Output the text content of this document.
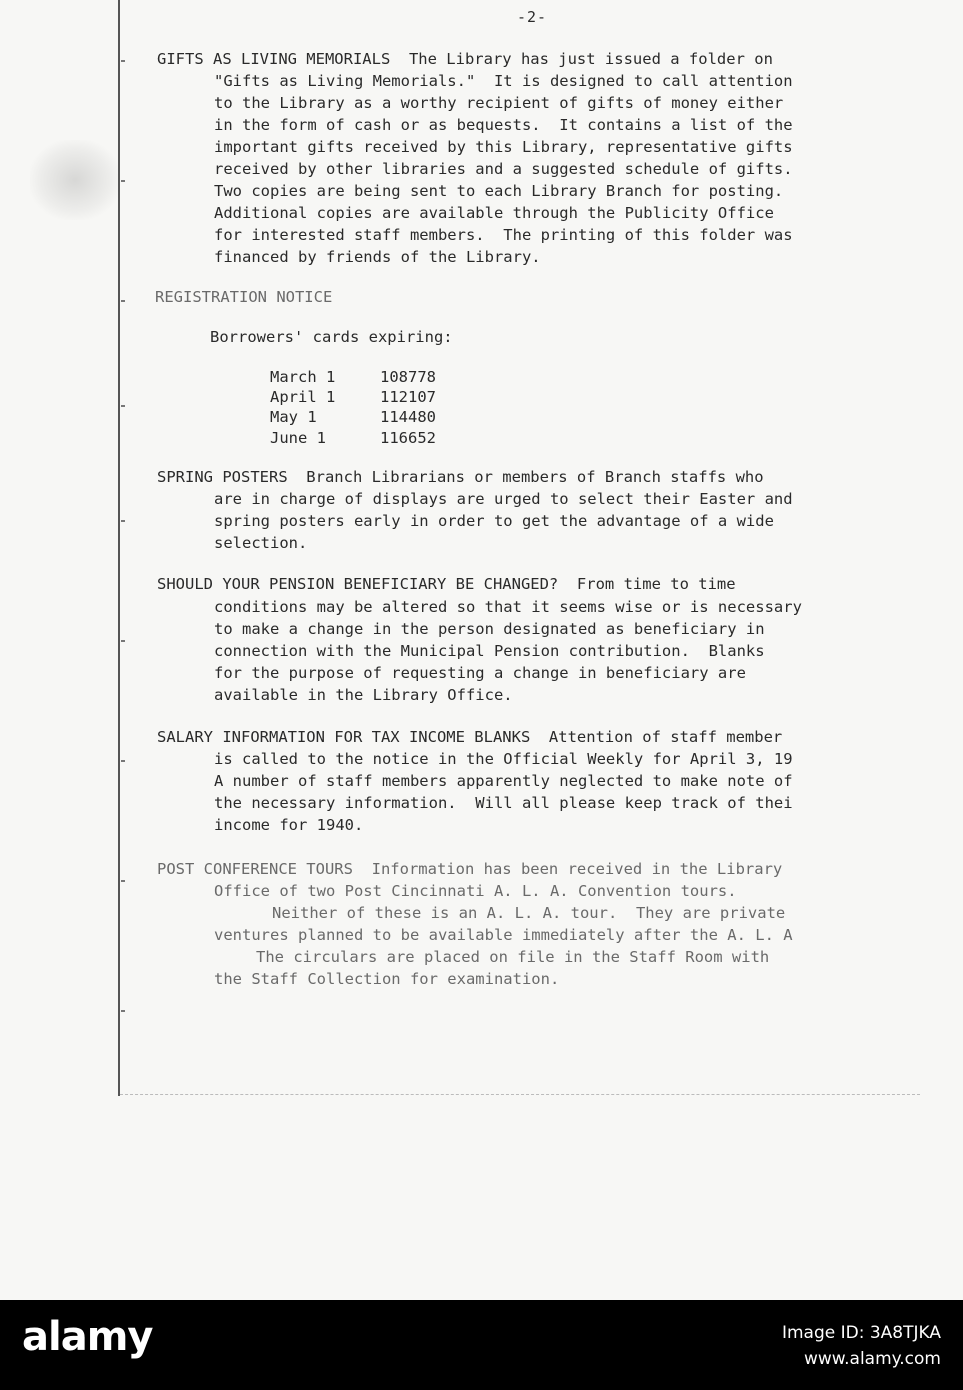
-2-
GIFTS AS LIVING MEMORIALS  The Library has just issued a folder on
"Gifts as Living Memorials."  It is designed to call attention
to the Library as a worthy recipient of gifts of money either
in the form of cash or as bequests.  It contains a list of the
important gifts received by this Library, representative gifts
received by other libraries and a suggested schedule of gifts.
Two copies are being sent to each Library Branch for posting.
Additional copies are available through the Publicity Office
for interested staff members.  The printing of this folder was
financed by friends of the Library.
REGISTRATION NOTICE
Borrowers' cards expiring:
March 1	108778
April 1	112107
May 1	114480
June 1	116652
SPRING POSTERS  Branch Librarians or members of Branch staffs who
are in charge of displays are urged to select their Easter and
spring posters early in order to get the advantage of a wide
selection.
SHOULD YOUR PENSION BENEFICIARY BE CHANGED?  From time to time
conditions may be altered so that it seems wise or is necessary
to make a change in the person designated as beneficiary in
connection with the Municipal Pension contribution.  Blanks
for the purpose of requesting a change in beneficiary are
available in the Library Office.
SALARY INFORMATION FOR TAX INCOME BLANKS  Attention of staff member
is called to the notice in the Official Weekly for April 3, 19
A number of staff members apparently neglected to make note of
the necessary information.  Will all please keep track of thei
income for 1940.
POST CONFERENCE TOURS  Information has been received in the Library
Office of two Post Cincinnati A. L. A. Convention tours.
Neither of these is an A. L. A. tour.  They are private
ventures planned to be available immediately after the A. L. A
The circulars are placed on file in the Staff Room with
the Staff Collection for examination.
alamy	Image ID: 3A8TJKA
www.alamy.com
